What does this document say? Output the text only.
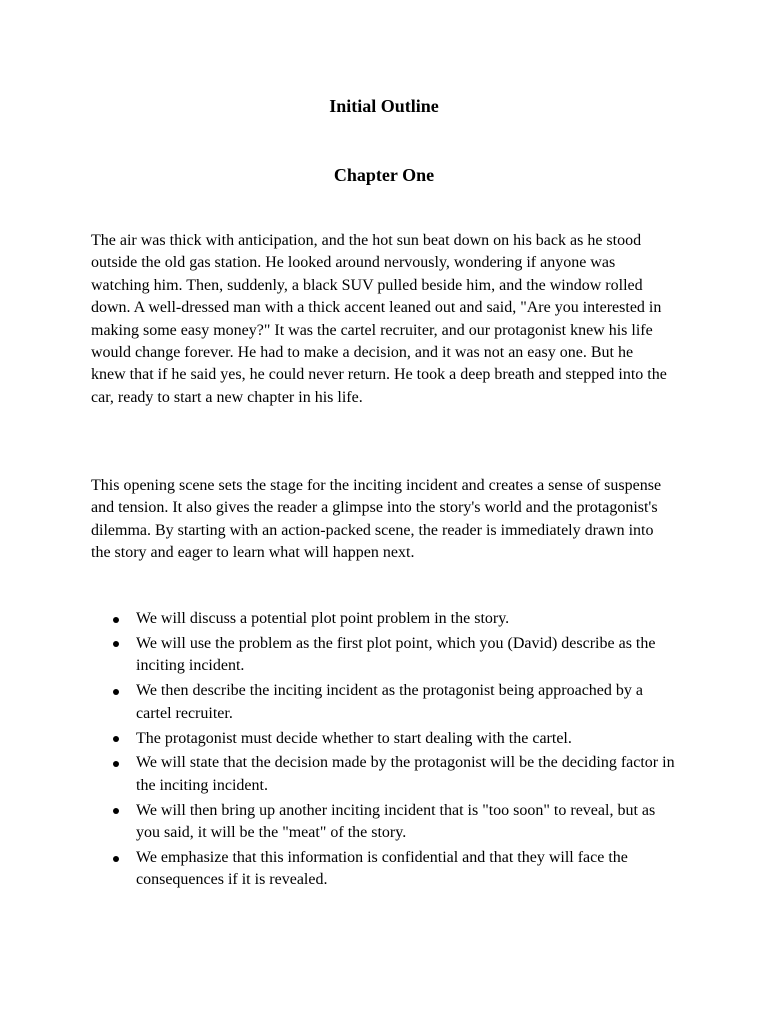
Initial Outline
Chapter One

The air was thick with anticipation, and the hot sun beat down on his back as he stood outside the old gas station. He looked around nervously, wondering if anyone was watching him. Then, suddenly, a black SUV pulled beside him, and the window rolled down. A well-dressed man with a thick accent leaned out and said, "Are you interested in making some easy money?" It was the cartel recruiter, and our protagonist knew his life would change forever. He had to make a decision, and it was not an easy one. But he knew that if he said yes, he could never return. He took a deep breath and stepped into the car, ready to start a new chapter in his life.

This opening scene sets the stage for the inciting incident and creates a sense of suspense and tension. It also gives the reader a glimpse into the story's world and the protagonist's dilemma. By starting with an action-packed scene, the reader is immediately drawn into the story and eager to learn what will happen next.

We will discuss a potential plot point problem in the story.
We will use the problem as the first plot point, which you (David) describe as the inciting incident.
We then describe the inciting incident as the protagonist being approached by a cartel recruiter.
The protagonist must decide whether to start dealing with the cartel.
We will state that the decision made by the protagonist will be the deciding factor in the inciting incident.
We will then bring up another inciting incident that is "too soon" to reveal, but as you said, it will be the "meat" of the story.
We emphasize that this information is confidential and that they will face the consequences if it is revealed.
